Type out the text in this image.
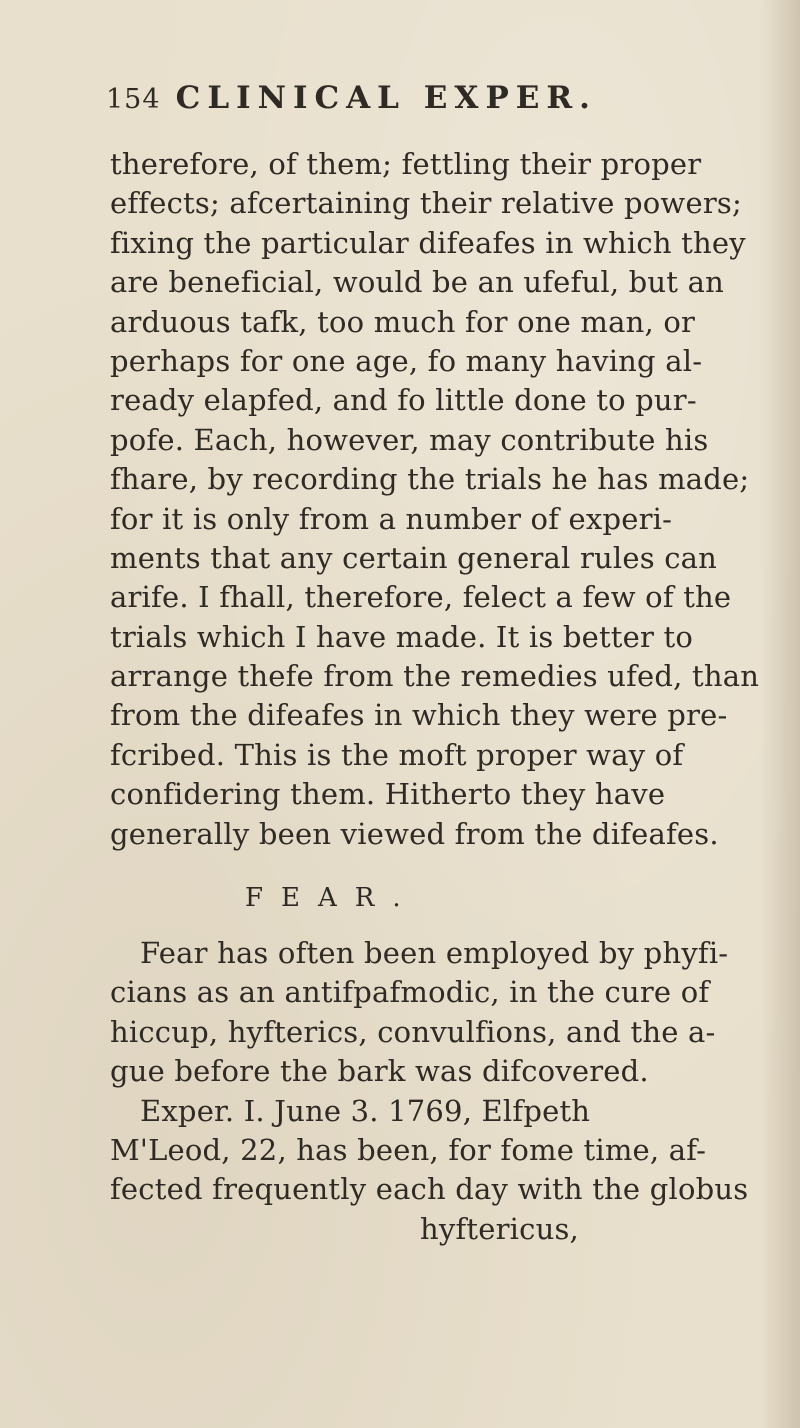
154 CLINICAL EXPER.
therefore, of them; fettling their proper
effects; afcertaining their relative powers;
fixing the particular difeafes in which they
are beneficial, would be an ufeful, but an
arduous tafk, too much for one man, or
perhaps for one age, fo many having al-
ready elapfed, and fo little done to pur-
pofe. Each, however, may contribute his
fhare, by recording the trials he has made;
for it is only from a number of experi-
ments that any certain general rules can
arife. I fhall, therefore, felect a few of the
trials which I have made. It is better to
arrange thefe from the remedies ufed, than
from the difeafes in which they were pre-
fcribed. This is the moft proper way of
confidering them. Hitherto they have
generally been viewed from the difeafes.
FEAR.
Fear has often been employed by phyfi-
cians as an antifpafmodic, in the cure of
hiccup, hyfterics, convulfions, and the a-
gue before the bark was difcovered.
Exper. I. June 3. 1769, Elfpeth
M'Leod, 22, has been, for fome time, af-
fected frequently each day with the globus
hyftericus,
